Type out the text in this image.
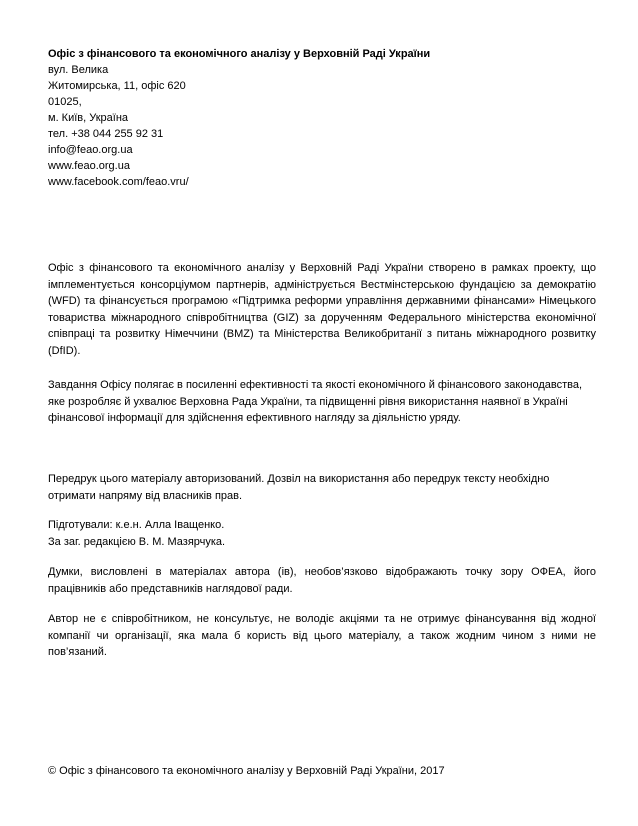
Офіс з фінансового та економічного аналізу у Верховній Раді України
вул. Велика
Житомирська, 11, офіс 620
01025,
м. Київ, Україна
тел. +38 044 255 92 31
info@feao.org.ua
www.feao.org.ua
www.facebook.com/feao.vru/

Офіс з фінансового та економічного аналізу у Верховній Раді України створено в рамках проекту, що імплементується консорціумом партнерів, адмініструється Вестмінстерською фундацією за демократію (WFD) та фінансується програмою «Підтримка реформи управління державними фінансами» Німецького товариства міжнародного співробітництва (GIZ) за дорученням Федерального міністерства економічної співпраці та розвитку Німеччини (BMZ) та Міністерства Великобританії з питань міжнародного розвитку (DfID).

Завдання Офісу полягає в посиленні ефективності та якості економічного й фінансового законодавства, яке розробляє й ухвалює Верховна Рада України, та підвищенні рівня використання наявної в Україні фінансової інформації для здійснення ефективного нагляду за діяльністю уряду.

Передрук цього матеріалу авторизований. Дозвіл на використання або передрук тексту необхідно отримати напряму від власників прав.

Підготували: к.е.н. Алла Іващенко.
За заг. редакцією В. М. Мазярчука.

Думки, висловлені в матеріалах автора (ів), необов’язково відображають точку зору ОФЕА, його працівників або представників наглядової ради.

Автор не є співробітником, не консультує, не володіє акціями та не отримує фінансування від жодної компанії чи організації, яка мала б користь від цього матеріалу, а також жодним чином з ними не пов’язаний.

© Офіс з фінансового та економічного аналізу у Верховній Раді України, 2017
